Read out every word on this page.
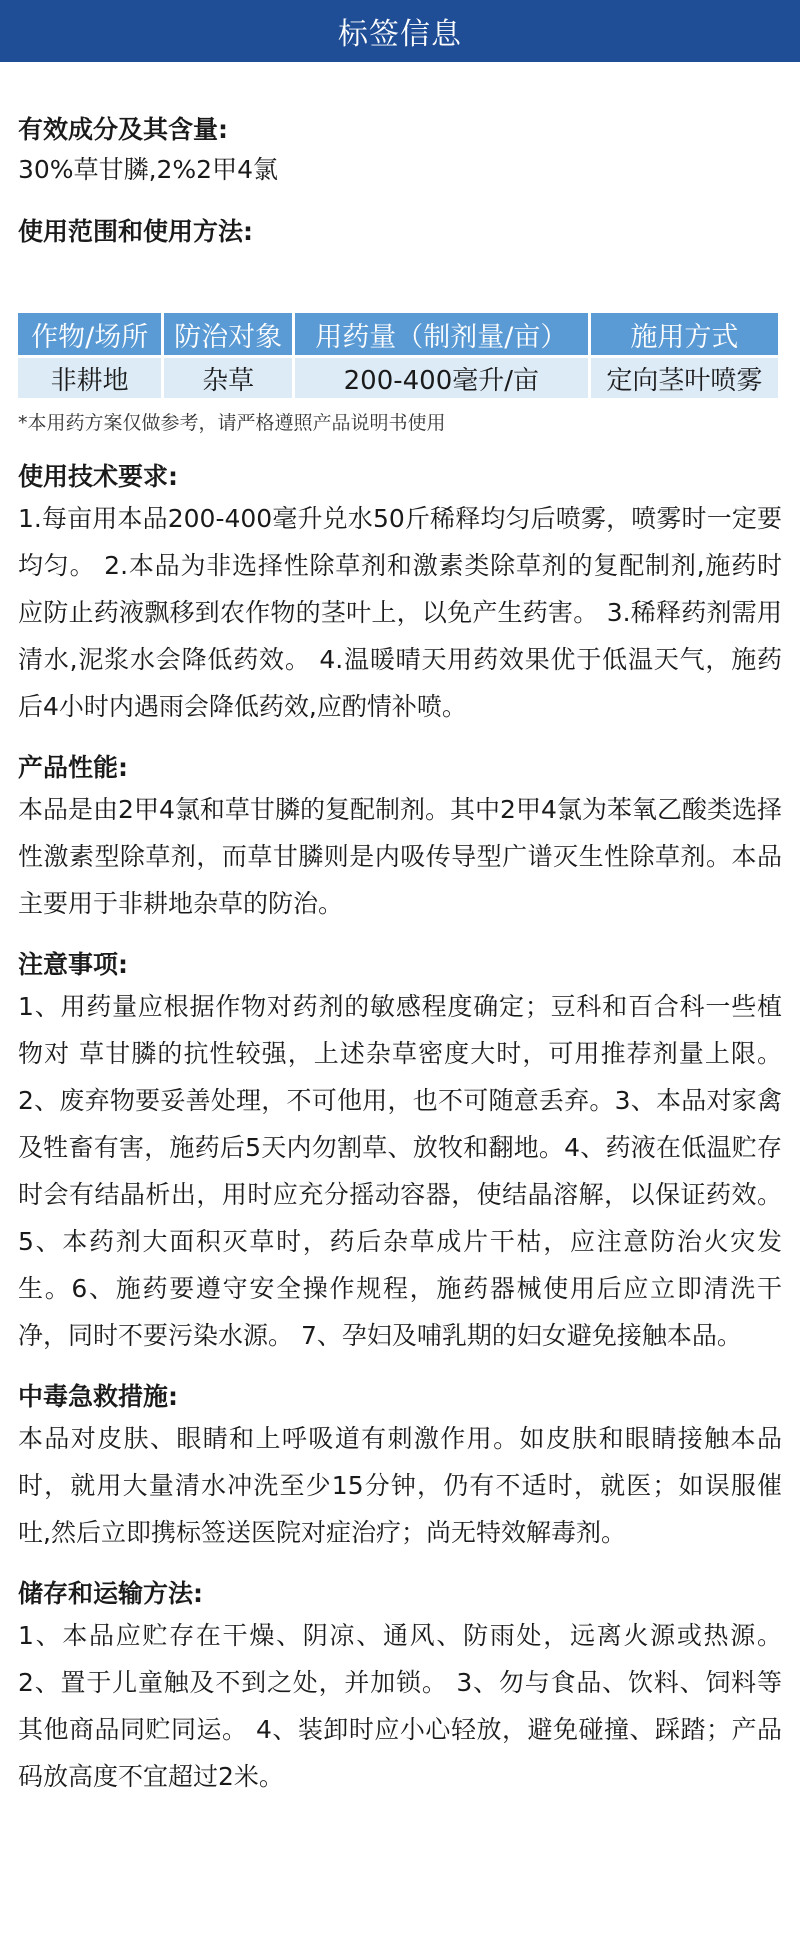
标签信息
有效成分及其含量:
30%草甘膦,2%2甲4氯
使用范围和使用方法:
作物/场所	防治对象	用药量（制剂量/亩）	施用方式
非耕地	杂草	200-400毫升/亩	定向茎叶喷雾
*本用药方案仅做参考，请严格遵照产品说明书使用
使用技术要求:
1.每亩用本品200-400毫升兑水50斤稀释均匀后喷雾，喷雾时一定要均匀。 2.本品为非选择性除草剂和激素类除草剂的复配制剂,施药时应防止药液飘移到农作物的茎叶上，以免产生药害。 3.稀释药剂需用清水,泥浆水会降低药效。 4.温暖晴天用药效果优于低温天气，施药后4小时内遇雨会降低药效,应酌情补喷。
产品性能:
本品是由2甲4氯和草甘膦的复配制剂。其中2甲4氯为苯氧乙酸类选择性激素型除草剂，而草甘膦则是内吸传导型广谱灭生性除草剂。本品主要用于非耕地杂草的防治。
注意事项:
1、用药量应根据作物对药剂的敏感程度确定；豆科和百合科一些植物对 草甘膦的抗性较强，上述杂草密度大时，可用推荐剂量上限。 2、废弃物要妥善处理，不可他用，也不可随意丢弃。3、本品对家禽及牲畜有害，施药后5天内勿割草、放牧和翻地。4、药液在低温贮存时会有结晶析出，用时应充分摇动容器，使结晶溶解，以保证药效。5、本药剂大面积灭草时，药后杂草成片干枯，应注意防治火灾发生。6、施药要遵守安全操作规程，施药器械使用后应立即清洗干净，同时不要污染水源。 7、孕妇及哺乳期的妇女避免接触本品。
中毒急救措施:
本品对皮肤、眼睛和上呼吸道有刺激作用。如皮肤和眼睛接触本品时，就用大量清水冲洗至少15分钟，仍有不适时，就医；如误服催吐,然后立即携标签送医院对症治疗；尚无特效解毒剂。
储存和运输方法:
1、本品应贮存在干燥、阴凉、通风、防雨处，远离火源或热源。 2、置于儿童触及不到之处，并加锁。 3、勿与食品、饮料、饲料等其他商品同贮同运。 4、装卸时应小心轻放，避免碰撞、踩踏；产品码放高度不宜超过2米。
